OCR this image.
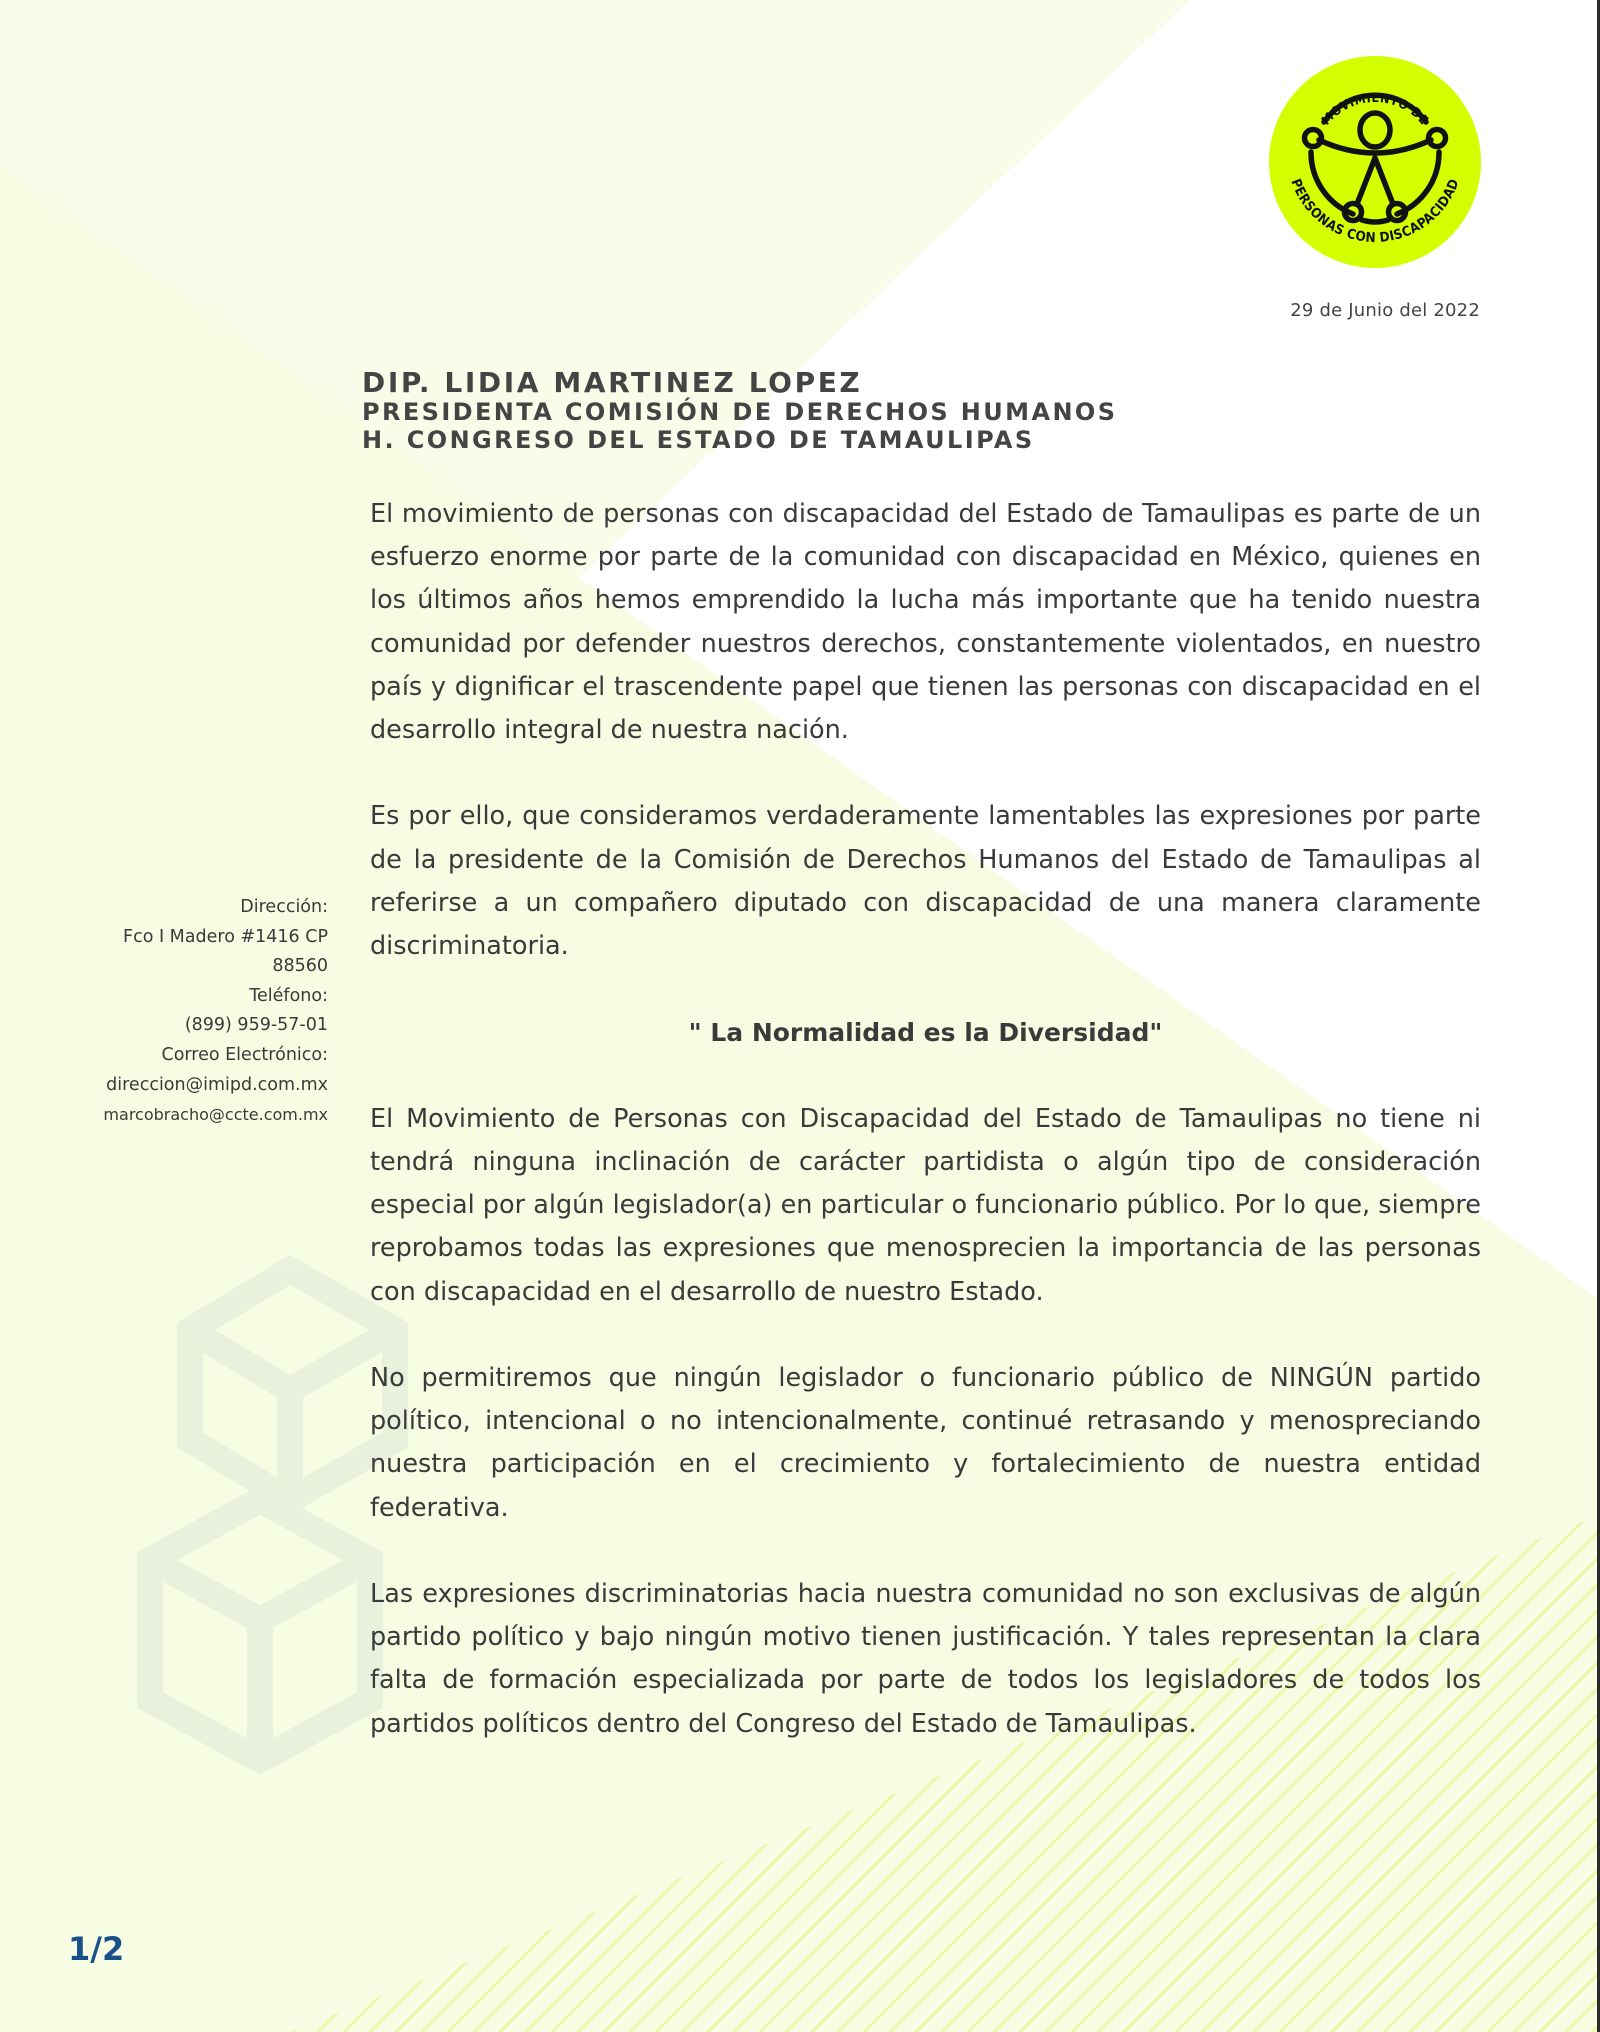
MOVIMIENTO DE
PERSONAS CON DISCAPACIDAD
29 de Junio del 2022
DIP. LIDIA MARTINEZ LOPEZ
PRESIDENTA COMISIÓN DE DERECHOS HUMANOS
H. CONGRESO DEL ESTADO DE TAMAULIPAS

El movimiento de personas con discapacidad del Estado de Tamaulipas es parte de un esfuerzo enorme por parte de la comunidad con discapacidad en México, quienes en los últimos años hemos emprendido la lucha más importante que ha tenido nuestra comunidad por defender nuestros derechos, constantemente violentados, en nuestro país y dignificar el trascendente papel que tienen las personas con discapacidad en el desarrollo integral de nuestra nación.

Es por ello, que consideramos verdaderamente lamentables las expresiones por parte de la presidente de la Comisión de Derechos Humanos del Estado de Tamaulipas al referirse a un compañero diputado con discapacidad de una manera claramente discriminatoria.

" La Normalidad es la Diversidad"

El Movimiento de Personas con Discapacidad del Estado de Tamaulipas no tiene ni tendrá ninguna inclinación de carácter partidista o algún tipo de consideración especial por algún legislador(a) en particular o funcionario público. Por lo que, siempre reprobamos todas las expresiones que menosprecien la importancia de las personas con discapacidad en el desarrollo de nuestro Estado.

No permitiremos que ningún legislador o funcionario público de NINGÚN partido político, intencional o no intencionalmente, continué retrasando y menospreciando nuestra participación en el crecimiento y fortalecimiento de nuestra entidad federativa.

Las expresiones discriminatorias hacia nuestra comunidad no son exclusivas de algún partido político y bajo ningún motivo tienen justificación. Y tales representan la clara falta de formación especializada por parte de todos los legisladores de todos los partidos políticos dentro del Congreso del Estado de Tamaulipas.

Dirección:
Fco I Madero #1416 CP
88560
Teléfono:
(899) 959-57-01
Correo Electrónico:
direccion@imipd.com.mx
marcobracho@ccte.com.mx
1/2
